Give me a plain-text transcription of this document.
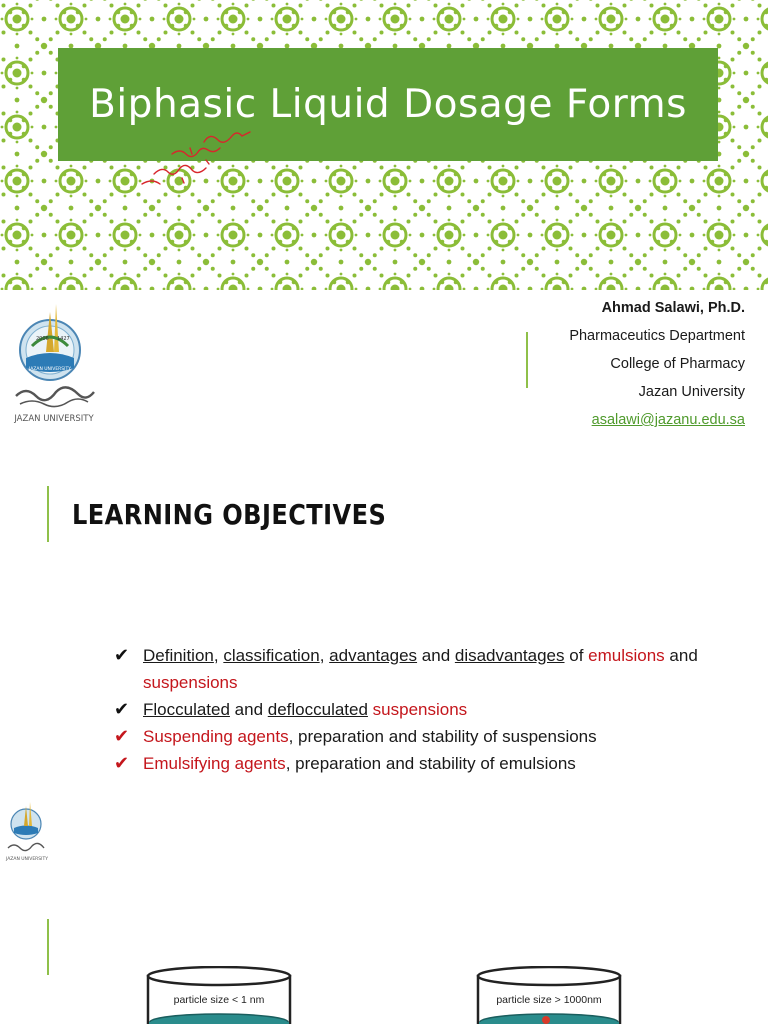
Biphasic Liquid Dosage Forms
2006 1427
JAZAN UNIVERSITY
JAZAN UNIVERSITY
Ahmad Salawi, Ph.D.
Pharmaceutics Department
College of Pharmacy
Jazan University
asalawi@jazanu.edu.sa
LEARNING OBJECTIVES
✔ Definition, classification, advantages and disadvantages of emulsions and suspensions
✔ Flocculated and deflocculated suspensions
✔ Suspending agents, preparation and stability of suspensions
✔ Emulsifying agents, preparation and stability of emulsions
JAZAN UNIVERSITY
particle size < 1 nm	particle size > 1000nm
